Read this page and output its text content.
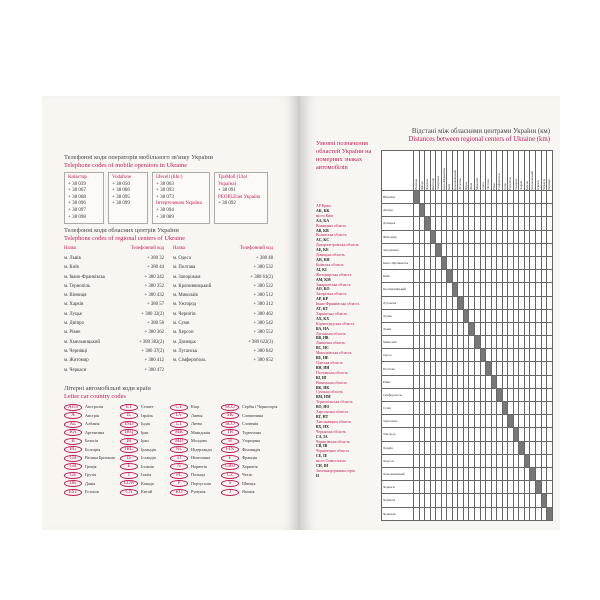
Телефонні коди операторів мобільного зв'язку України
Telephone codes of mobile operators in Ukraine
Київстар
+ 38 039
+ 38 067
+ 38 068
+ 38 096
+ 38 097
+ 38 098
Vodafone
+ 38 050
+ 38 066
+ 38 095
+ 38 099
lifecell (life:)
+ 38 063
+ 38 093
+ 38 073
Інтертелеком Україна
+ 38 094
+ 38 089
ТриМоб (Utel Україна)
+ 38 091
PEOPLEnet Україна
+ 38 092
Телефонні коди обласних центрів України
Telephone codes of regional centers of Ukraine
Назва	Телефонний код Назва	Телефонний код
м. Львів	+ 380 32
м. Київ	+ 380 44
м. Івано-Франківськ	+ 380 342
м. Тернопіль	+ 380 352
м. Вінниця	+ 380 432
м. Харків	+ 380 57
м. Луцьк	+ 380 32(2)
м. Дніпро	+ 380 56
м. Рівне	+ 380 362
м. Хмельницький	+ 380 382(2)
м. Чернівці	+ 380 37(2)
м. Житомир	+ 380 412
м. Черкаси	+ 380 472
м. Одеса	+ 380 48
м. Полтава	+ 380 532
м. Запоріжжя	+ 380 61(2)
м. Кропивницький	+ 380 522
м. Миколаїв	+ 380 512
м. Ужгород	+ 380 312
м. Чернігів	+ 380 462
м. Суми	+ 380 542
м. Херсон	+ 380 552
м. Донецьк	+ 380 622(3)
м. Луганськ	+ 380 642
м. Сімферополь	+ 380 652
Літерні автомобільні коди країн
Letter car country codes
AUS Австралія
A Австрія
AL Албанія
RA Аргентина
B Бельгія
BG Болгарія
GB Велика Британія
GR Греція
GE Грузія
DK Данія
EST Естонія
ET Єгипет
IL Ізраїль
IND Індія
IRQ Ірак
IR Іран
IRL Ірландія
IS Ісландія
E Іспанія
I	Італія
CDN Канада
CN Китай
CY Кіпр
LV Латвія
LT Литва
MK Македонія
MD Молдова
NL Нідерланди
D Німеччина
N Норвегія
PL Польща
P	Португалія
RO Румунія
SCG Сербія і Чорногорія
SK Словаччина
SLO Словенія
TR Туреччина
H Угорщина
FIN Фінляндія
F	Франція
CRO Хорватія
CZ Чехія
S	Швеція
J	Японія
Умовні позначення областей України на номерних знаках автомобілів
АР Крим
AK, KK
місто Київ
AA, KA
Вінницька область
AB, KB
Волинська область
AC, KC
Дніпропетровська область
AE, KE
Донецька область
AH, KH
Київська область
AI, KI
Житомирська область
AM, KM
Закарпатська область
AO, KO
Запорізька область
AP, KP
Івано-Франківська область
AT, KT
Харківська область
AX, KX
Кіровоградська область
BA, HA
Луганська область
BB, HB
Львівська область
BC, HC
Миколаївська область
BE, HE
Одеська область
BH, HH
Полтавська область
BI, HI
Рівненська область
BK, HK
Сумська область
BM, HM
Тернопільська область
BO, HO
Херсонська область
BT, HT
Хмельницька область
BX, HX
Черкаська область
CA, IA
Чернігівська область
CB, IB
Чернівецька область
CE, IE
місто Севастополь
CH, IH
Загальнодержавна серія
II
Відстані між обласними центрами України (км)
Distances between regional centers of Ukraine (km)

	Вінниця	Дніпро	Донецьк	Житомир	Запоріжжя	Івано-Франківськ	Київ	Кропивницький	Луганськ	Луцьк	Львів	Миколаїв	Одеса	Полтава	Рівне	Сімферополь	Суми	Тернопіль	Ужгород	Харків	Херсон	Хмельницький	Черкаси	Чернігів	Чернівці

Вінниця																									
Дніпро																									
Донецьк																									
Житомир																									
Запоріжжя																									
Івано-Франківськ																									
Київ																									
Кропивницький																									
Луганськ																									
Луцьк																									
Львів																									
Миколаїв																									
Одеса																									
Полтава																									
Рівне																									
Сімферополь																									
Суми																									
Тернопіль																									
Ужгород																									
Харків																									
Херсон																									
Хмельницький																									
Черкаси																									
Чернігів																									
Чернівці																									
